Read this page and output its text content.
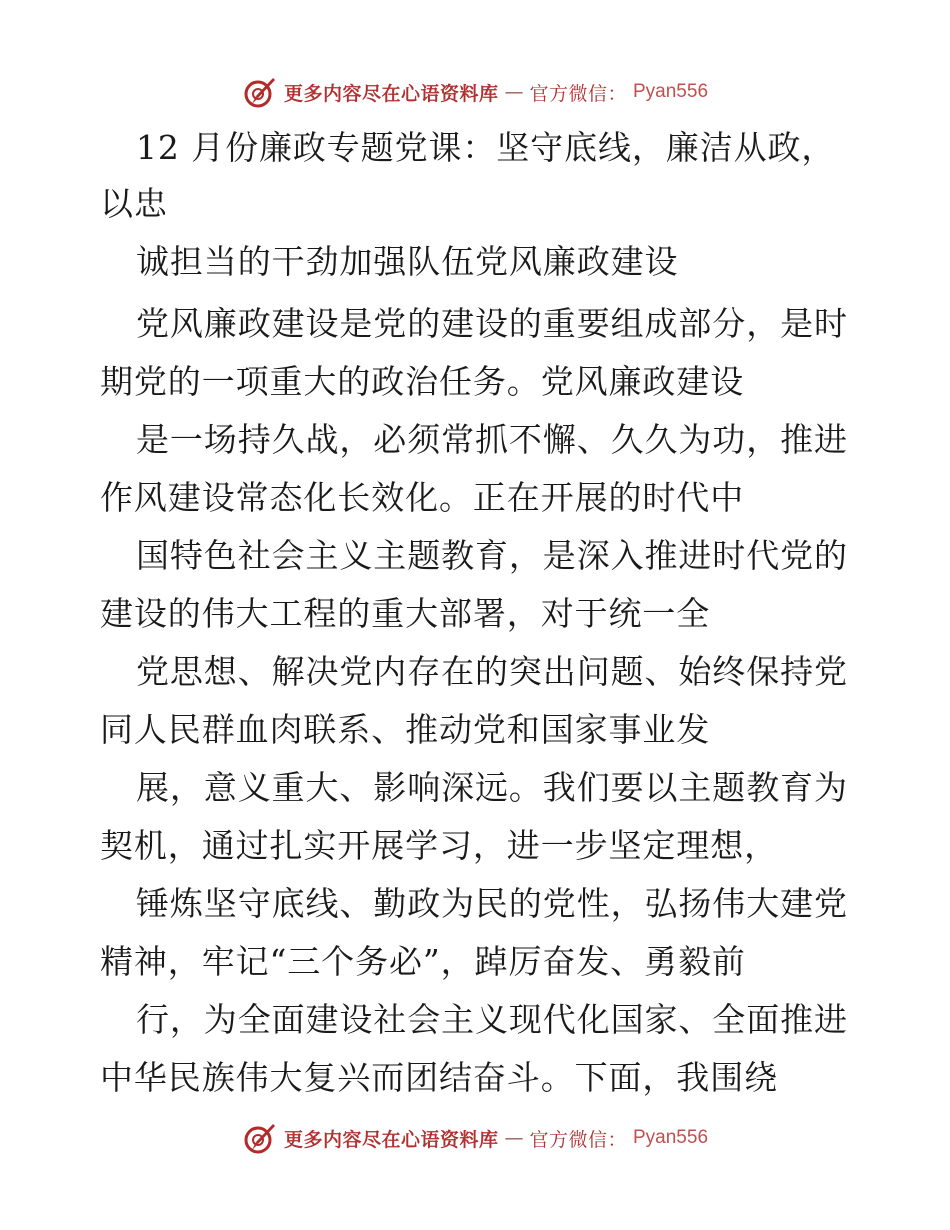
更多内容尽在心语资料库 — 官方微信： Pyan556
12 月份廉政专题党课：坚守底线，廉洁从政，
以忠
诚担当的干劲加强队伍党风廉政建设
党风廉政建设是党的建设的重要组成部分，是时
期党的一项重大的政治任务。党风廉政建设
是一场持久战，必须常抓不懈、久久为功，推进
作风建设常态化长效化。正在开展的时代中
国特色社会主义主题教育，是深入推进时代党的
建设的伟大工程的重大部署，对于统一全
党思想、解决党内存在的突出问题、始终保持党
同人民群血肉联系、推动党和国家事业发
展，意义重大、影响深远。我们要以主题教育为
契机，通过扎实开展学习，进一步坚定理想，
锤炼坚守底线、勤政为民的党性，弘扬伟大建党
精神，牢记“三个务必”，踔厉奋发、勇毅前
行，为全面建设社会主义现代化国家、全面推进
中华民族伟大复兴而团结奋斗。下面，我围绕
更多内容尽在心语资料库 — 官方微信： Pyan556
